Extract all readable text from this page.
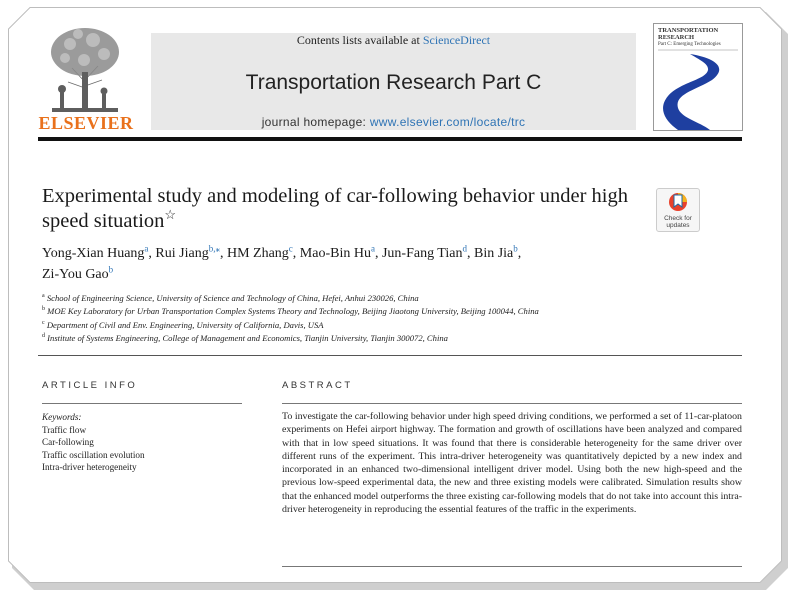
ELSEVIER
Contents lists available at ScienceDirect
Transportation Research Part C
journal homepage: www.elsevier.com/locate/trc
TRANSPORTATION RESEARCH
Part C: Emerging Technologies
Experimental study and modeling of car-following behavior under high speed situation☆	Check for updates
Yong-Xian Huang$^a$, Rui Jiang$^{b,⁎}$, HM Zhang$^c$, Mao-Bin Hu$^a$, Jun-Fang Tian$^d$, Bin Jia$^b$,
Zi-You Gao$^b$
$^a$ School of Engineering Science, University of Science and Technology of China, Hefei, Anhui 230026, China
$^b$ MOE Key Laboratory for Urban Transportation Complex Systems Theory and Technology, Beijing Jiaotong University, Beijing 100044, China
$^c$ Department of Civil and Env. Engineering, University of California, Davis, USA
$^d$ Institute of Systems Engineering, College of Management and Economics, Tianjin University, Tianjin 300072, China
ARTICLE INFO
Keywords:
Traffic flow
Car-following
Traffic oscillation evolution
Intra-driver heterogeneity
ABSTRACT
To investigate the car-following behavior under high speed driving conditions, we performed a set of 11-car-platoon experiments on Hefei airport highway. The formation and growth of oscillations have been analyzed and compared with that in low speed situations. It was found that there is considerable heterogeneity for the same driver over different runs of the experiment. This intra-driver heterogeneity was quantitatively depicted by a new index and incorporated in an enhanced two-dimensional intelligent driver model. Using both the new high-speed and the previous low-speed experimental data, the new and three existing models were calibrated. Simulation results show that the enhanced model outperforms the three existing car-following models that do not take into account this intra-driver heterogeneity in reproducing the essential features of the traffic in the experiments.
